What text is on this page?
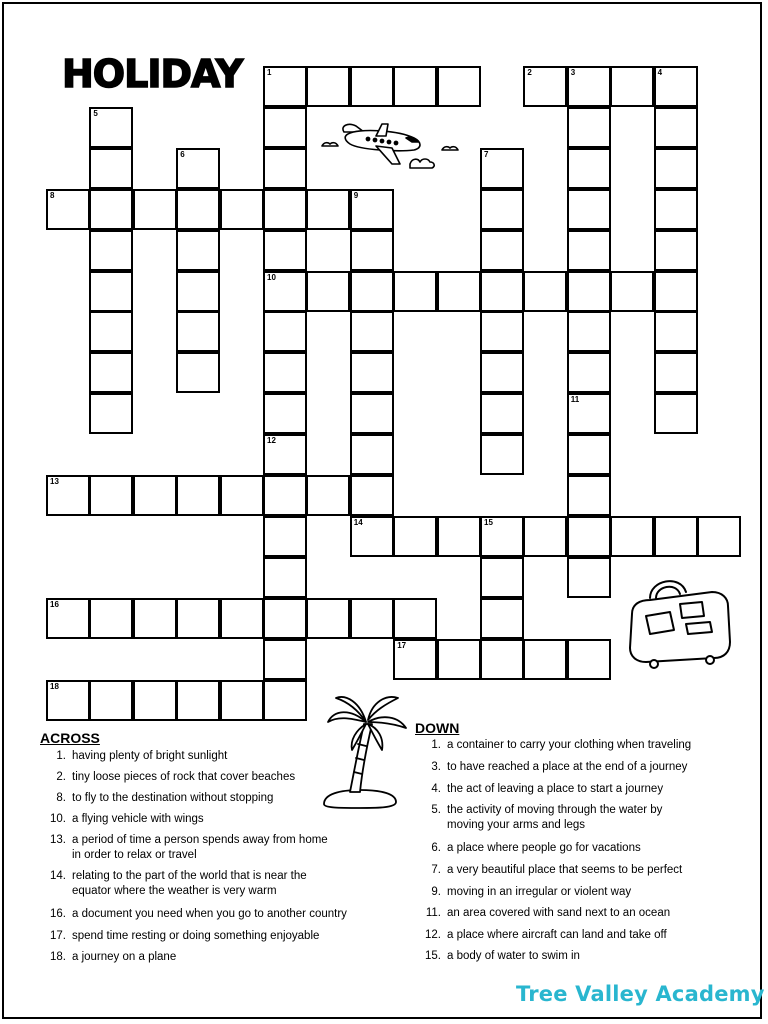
HOLIDAY	1	2	3	4
10
12
11
5
6	7
8	9
13
14	15
16
17
18
ACROSS
1. having plenty of bright sunlight
2. tiny loose pieces of rock that cover beaches
8. to fly to the destination without stopping
10. a flying vehicle with wings
13. a period of time a person spends away from home
in order to relax or travel
14. relating to the part of the world that is near the
equator where the weather is very warm
16. a document you need when you go to another country
17. spend time resting or doing something enjoyable
18. a journey on a plane
DOWN
1. a container to carry your clothing when traveling
3. to have reached a place at the end of a journey
4. the act of leaving a place to start a journey
5. the activity of moving through the water by
moving your arms and legs
6. a place where people go for vacations
7. a very beautiful place that seems to be perfect
9. moving in an irregular or violent way
11. an area covered with sand next to an ocean
12. a place where aircraft can land and take off
15. a body of water to swim in
Tree Valley Academy
